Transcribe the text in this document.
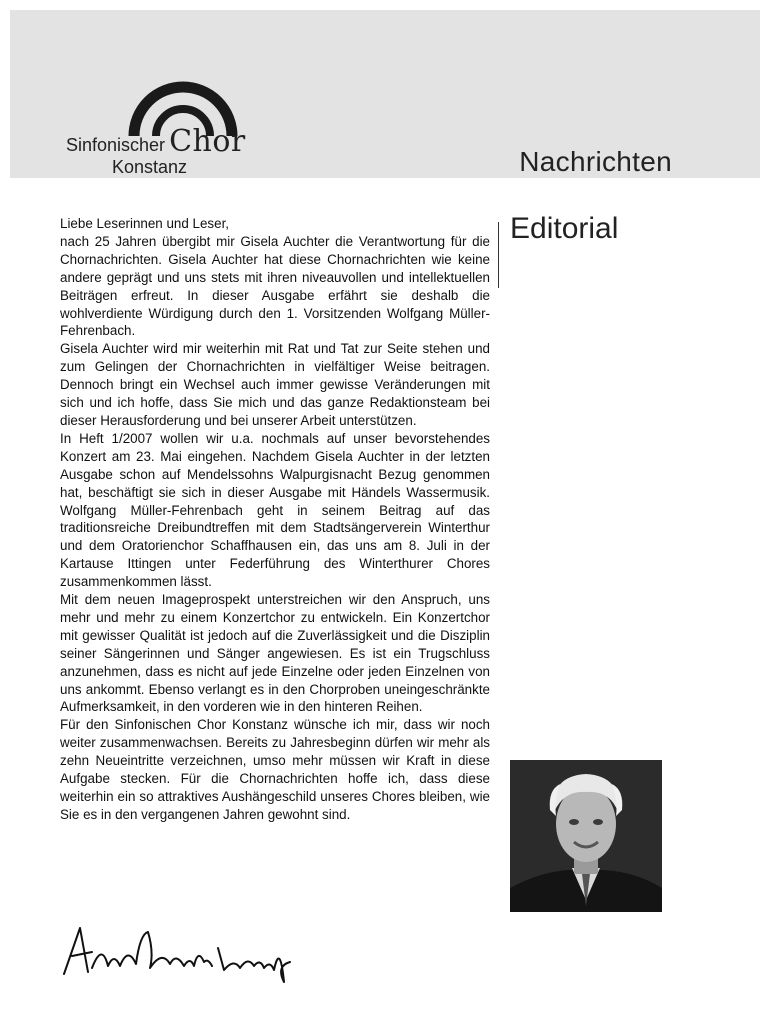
Sinfonischer Chor
Konstanz	Nachrichten
Editorial

Liebe Leserinnen und Leser,

nach 25 Jahren übergibt mir Gisela Auchter die Verantwortung für die Chornachrichten. Gisela Auchter hat diese Chornachrichten wie keine andere geprägt und uns stets mit ihren niveauvollen und intellektuellen Beiträgen erfreut. In dieser Ausgabe erfährt sie deshalb die wohlverdiente Würdigung durch den 1. Vorsitzenden Wolfgang Müller-Fehrenbach.

Gisela Auchter wird mir weiterhin mit Rat und Tat zur Seite stehen und zum Gelingen der Chornachrichten in vielfältiger Weise beitragen. Dennoch bringt ein Wechsel auch immer gewisse Veränderungen mit sich und ich hoffe, dass Sie mich und das ganze Redaktionsteam bei dieser Herausforderung und bei unserer Arbeit unterstützen.

In Heft 1/2007 wollen wir u.a. nochmals auf unser bevorstehendes Konzert am 23. Mai eingehen. Nachdem Gisela Auchter in der letzten Ausgabe schon auf Mendelssohns Walpurgisnacht Bezug genommen hat, beschäftigt sie sich in dieser Ausgabe mit Händels Wassermusik. Wolfgang Müller-Fehrenbach geht in seinem Beitrag auf das traditionsreiche Dreibundtreffen mit dem Stadtsängerverein Winterthur und dem Oratorienchor Schaffhausen ein, das uns am 8. Juli in der Kartause Ittingen unter Federführung des Winterthurer Chores zusammenkommen lässt.

Mit dem neuen Imageprospekt unterstreichen wir den Anspruch, uns mehr und mehr zu einem Konzertchor zu entwickeln. Ein Konzertchor mit gewisser Qualität ist jedoch auf die Zuverlässigkeit und die Disziplin seiner Sängerinnen und Sänger angewiesen. Es ist ein Trugschluss anzunehmen, dass es nicht auf jede Einzelne oder jeden Einzelnen von uns ankommt. Ebenso verlangt es in den Chorproben uneingeschränkte Aufmerksamkeit, in den vorderen wie in den hinteren Reihen.

Für den Sinfonischen Chor Konstanz wünsche ich mir, dass wir noch weiter zusammenwachsen. Bereits zu Jahresbeginn dürfen wir mehr als zehn Neueintritte verzeichnen, umso mehr müssen wir Kraft in diese Aufgabe stecken. Für die Chornachrichten hoffe ich, dass diese weiterhin ein so attraktives Aushängeschild unseres Chores bleiben, wie Sie es in den vergangenen Jahren gewohnt sind.
